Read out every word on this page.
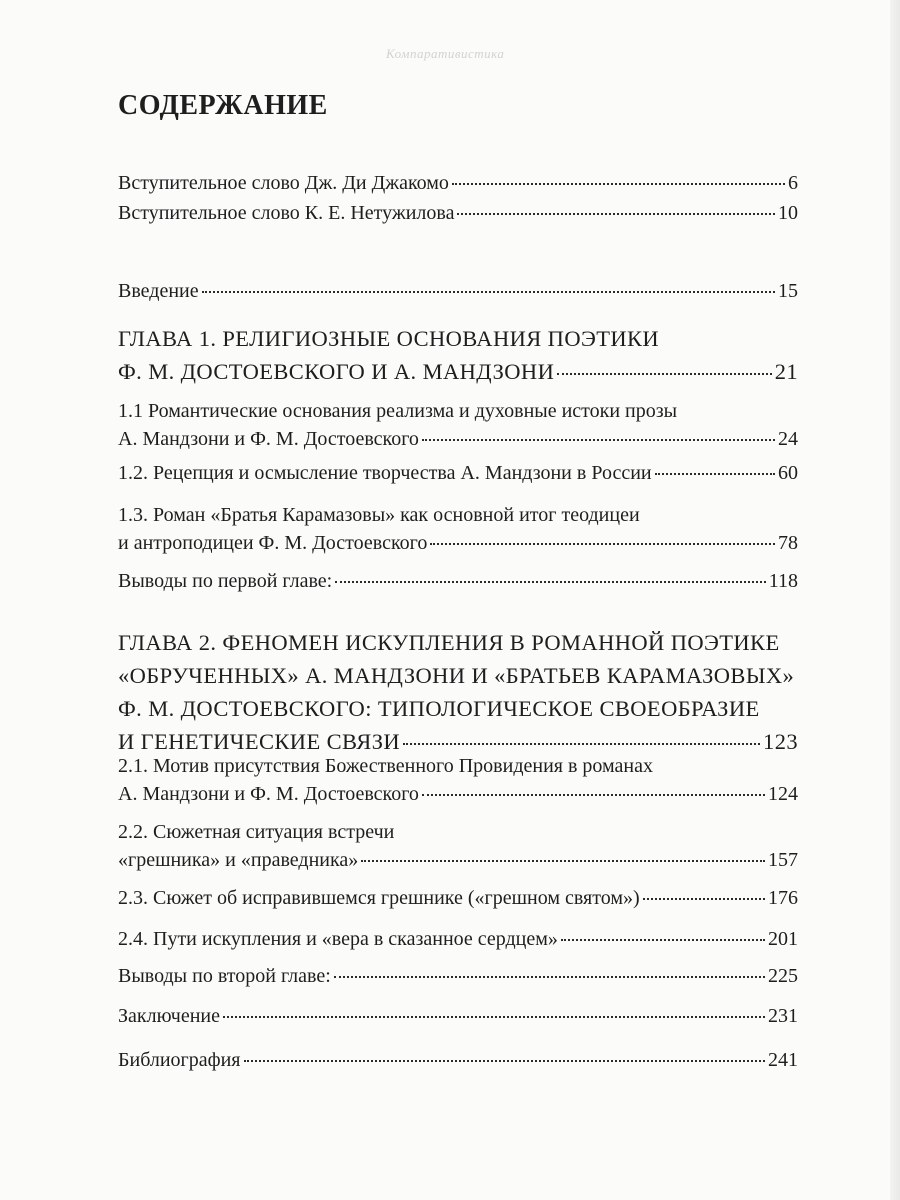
Компаративистика
СОДЕРЖАНИЕ
Вступительное слово Дж. Ди Джакомо	6
Вступительное слово К. Е. Нетужилова	10
Введение	15
ГЛАВА 1. РЕЛИГИОЗНЫЕ ОСНОВАНИЯ ПОЭТИКИ
Ф. М. ДОСТОЕВСКОГО И А. МАНДЗОНИ	21
1.1 Романтические основания реализма и духовные истоки прозы
А. Мандзони и Ф. М. Достоевского	24
1.2. Рецепция и осмысление творчества А. Мандзони в России	60
1.3. Роман «Братья Карамазовы» как основной итог теодицеи
и антроподицеи Ф. М. Достоевского	78
Выводы по первой главе:	118
ГЛАВА 2. ФЕНОМЕН ИСКУПЛЕНИЯ В РОМАННОЙ ПОЭТИКЕ
«ОБРУЧЕННЫХ» А. МАНДЗОНИ И «БРАТЬЕВ КАРАМАЗОВЫХ»
Ф. М. ДОСТОЕВСКОГО: ТИПОЛОГИЧЕСКОЕ СВОЕОБРАЗИЕ
И ГЕНЕТИЧЕСКИЕ СВЯЗИ	123
2.1. Мотив присутствия Божественного Провидения в романах
А. Мандзони и Ф. М. Достоевского	124
2.2. Сюжетная ситуация встречи
«грешника» и «праведника»	157
2.3. Сюжет об исправившемся грешнике («грешном святом»)	176
2.4. Пути искупления и «вера в сказанное сердцем»	201
Выводы по второй главе:	225
Заключение	231
Библиография	241
